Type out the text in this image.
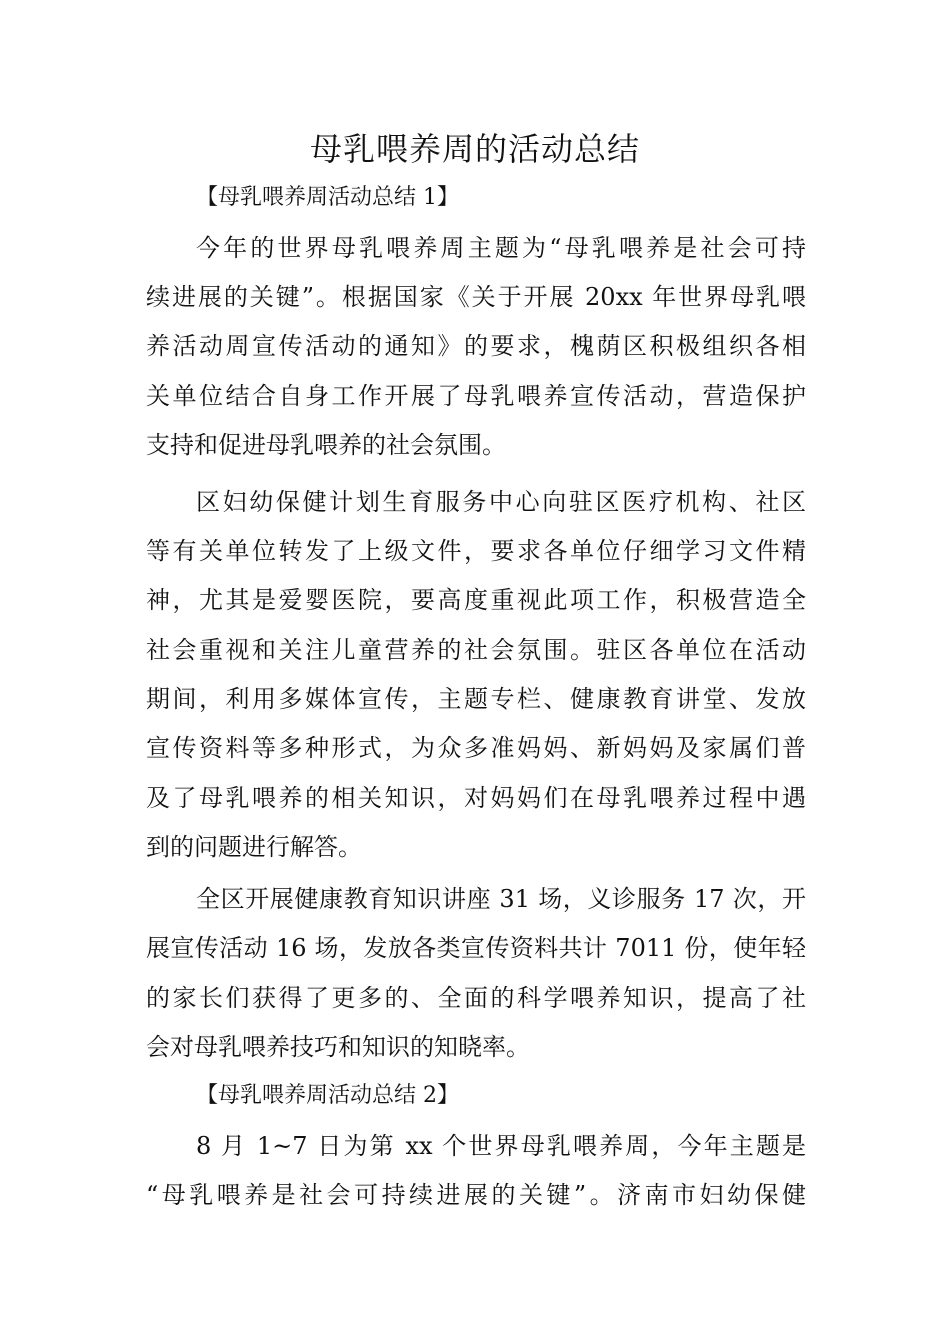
母乳喂养周的活动总结

【母乳喂养周活动总结 1】

今年的世界母乳喂养周主题为“母乳喂养是社会可持

续进展的关键”。根据国家《关于开展 20xx 年世界母乳喂

养活动周宣传活动的通知》的要求，槐荫区积极组织各相

关单位结合自身工作开展了母乳喂养宣传活动，营造保护

支持和促进母乳喂养的社会氛围。

区妇幼保健计划生育服务中心向驻区医疗机构、社区

等有关单位转发了上级文件，要求各单位仔细学习文件精

神，尤其是爱婴医院，要高度重视此项工作，积极营造全

社会重视和关注儿童营养的社会氛围。驻区各单位在活动

期间，利用多媒体宣传，主题专栏、健康教育讲堂、发放

宣传资料等多种形式，为众多准妈妈、新妈妈及家属们普

及了母乳喂养的相关知识，对妈妈们在母乳喂养过程中遇

到的问题进行解答。

全区开展健康教育知识讲座 31 场，义诊服务 17 次，开

展宣传活动 16 场，发放各类宣传资料共计 7011 份，使年轻

的家长们获得了更多的、全面的科学喂养知识，提高了社

会对母乳喂养技巧和知识的知晓率。

【母乳喂养周活动总结 2】

8 月 1~7 日为第 xx 个世界母乳喂养周，今年主题是

“母乳喂养是社会可持续进展的关键”。济南市妇幼保健
